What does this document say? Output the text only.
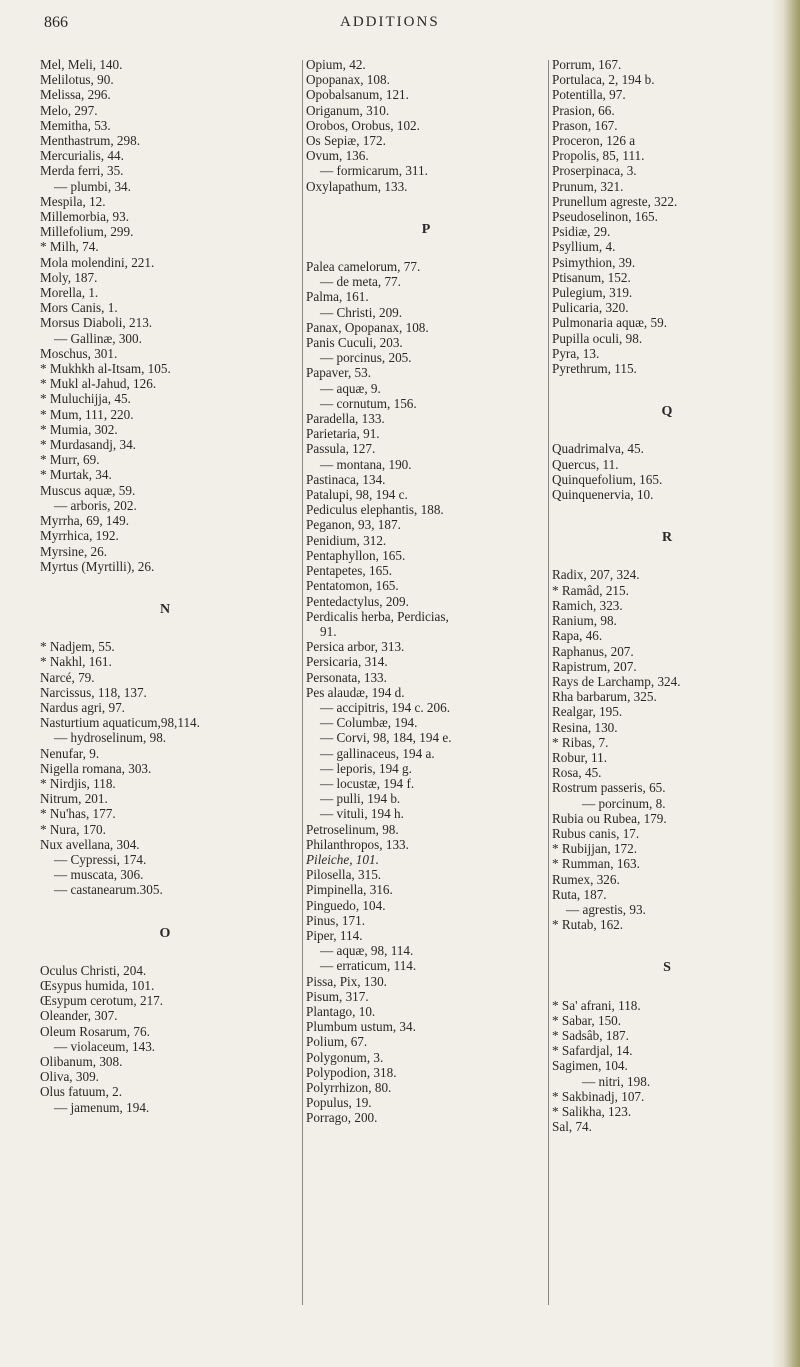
866	ADDITIONS
Mel, Meli, 140.
Melilotus, 90.
Melissa, 296.
Melo, 297.
Memitha, 53.
Menthastrum, 298.
Mercurialis, 44.
Merda ferri, 35.
— plumbi, 34.
Mespila, 12.
Millemorbia, 93.
Millefolium, 299.
* Milh, 74.
Mola molendini, 221.
Moly, 187.
Morella, 1.
Mors Canis, 1.
Morsus Diaboli, 213.
— Gallinæ, 300.
Moschus, 301.
* Mukhkh al-Itsam, 105.
* Mukl al-Jahud, 126.
* Muluchijja, 45.
* Mum, 111, 220.
* Mumia, 302.
* Murdasandj, 34.
* Murr, 69.
* Murtak, 34.
Muscus aquæ, 59.
— arboris, 202.
Myrrha, 69, 149.
Myrrhica, 192.
Myrsine, 26.
Myrtus (Myrtilli), 26.
N
* Nadjem, 55.
* Nakhl, 161.
Narcé, 79.
Narcissus, 118, 137.
Nardus agri, 97.
Nasturtium aquaticum,98,114.
— hydroselinum, 98.
Nenufar, 9.
Nigella romana, 303.
* Nirdjis, 118.
Nitrum, 201.
* Nu'has, 177.
* Nura, 170.
Nux avellana, 304.
— Cypressi, 174.
— muscata, 306.
— castanearum.305.
O
Oculus Christi, 204.
Œsypus humida, 101.
Œsypum cerotum, 217.
Oleander, 307.
Oleum Rosarum, 76.
— violaceum, 143.
Olibanum, 308.
Oliva, 309.
Olus fatuum, 2.
— jamenum, 194.
Opium, 42.
Opopanax, 108.
Opobalsanum, 121.
Origanum, 310.
Orobos, Orobus, 102.
Os Sepiæ, 172.
Ovum, 136.
— formicarum, 311.
Oxylapathum, 133.
P
Palea camelorum, 77.
— de meta, 77.
Palma, 161.
— Christi, 209.
Panax, Opopanax, 108.
Panis Cuculi, 203.
— porcinus, 205.
Papaver, 53.
— aquæ, 9.
— cornutum, 156.
Paradella, 133.
Parietaria, 91.
Passula, 127.
— montana, 190.
Pastinaca, 134.
Patalupi, 98, 194 c.
Pediculus elephantis, 188.
Peganon, 93, 187.
Penidium, 312.
Pentaphyllon, 165.
Pentapetes, 165.
Pentatomon, 165.
Pentedactylus, 209.
Perdicalis herba, Perdicias,
91.
Persica arbor, 313.
Persicaria, 314.
Personata, 133.
Pes alaudæ, 194 d.
— accipitris, 194 c. 206.
— Columbæ, 194.
— Corvi, 98, 184, 194 e.
— gallinaceus, 194 a.
— leporis, 194 g.
— locustæ, 194 f.
— pulli, 194 b.
— vituli, 194 h.
Petroselinum, 98.
Philanthropos, 133.
Pileiche, 101.
Pilosella, 315.
Pimpinella, 316.
Pinguedo, 104.
Pinus, 171.
Piper, 114.
— aquæ, 98, 114.
— erraticum, 114.
Pissa, Pix, 130.
Pisum, 317.
Plantago, 10.
Plumbum ustum, 34.
Polium, 67.
Polygonum, 3.
Polypodion, 318.
Polyrrhizon, 80.
Populus, 19.
Porrago, 200.
Porrum, 167.
Portulaca, 2, 194 b.
Potentilla, 97.
Prasion, 66.
Prason, 167.
Proceron, 126 a
Propolis, 85, 111.
Proserpinaca, 3.
Prunum, 321.
Prunellum agreste, 322.
Pseudoselinon, 165.
Psidiæ, 29.
Psyllium, 4.
Psimythion, 39.
Ptisanum, 152.
Pulegium, 319.
Pulicaria, 320.
Pulmonaria aquæ, 59.
Pupilla oculi, 98.
Pyra, 13.
Pyrethrum, 115.
Q
Quadrimalva, 45.
Quercus, 11.
Quinquefolium, 165.
Quinquenervia, 10.
R
Radix, 207, 324.
* Ramâd, 215.
Ramich, 323.
Ranium, 98.
Rapa, 46.
Raphanus, 207.
Rapistrum, 207.
Rays de Larchamp, 324.
Rha barbarum, 325.
Realgar, 195.
Resina, 130.
* Ribas, 7.
Robur, 11.
Rosa, 45.
Rostrum passeris, 65.
— porcinum, 8.
Rubia ou Rubea, 179.
Rubus canis, 17.
* Rubijjan, 172.
* Rumman, 163.
Rumex, 326.
Ruta, 187.
— agrestis, 93.
* Rutab, 162.
S
* Sa' afrani, 118.
* Sabar, 150.
* Sadsâb, 187.
* Safardjal, 14.
Sagimen, 104.
— nitri, 198.
* Sakbinadj, 107.
* Salikha, 123.
Sal, 74.
